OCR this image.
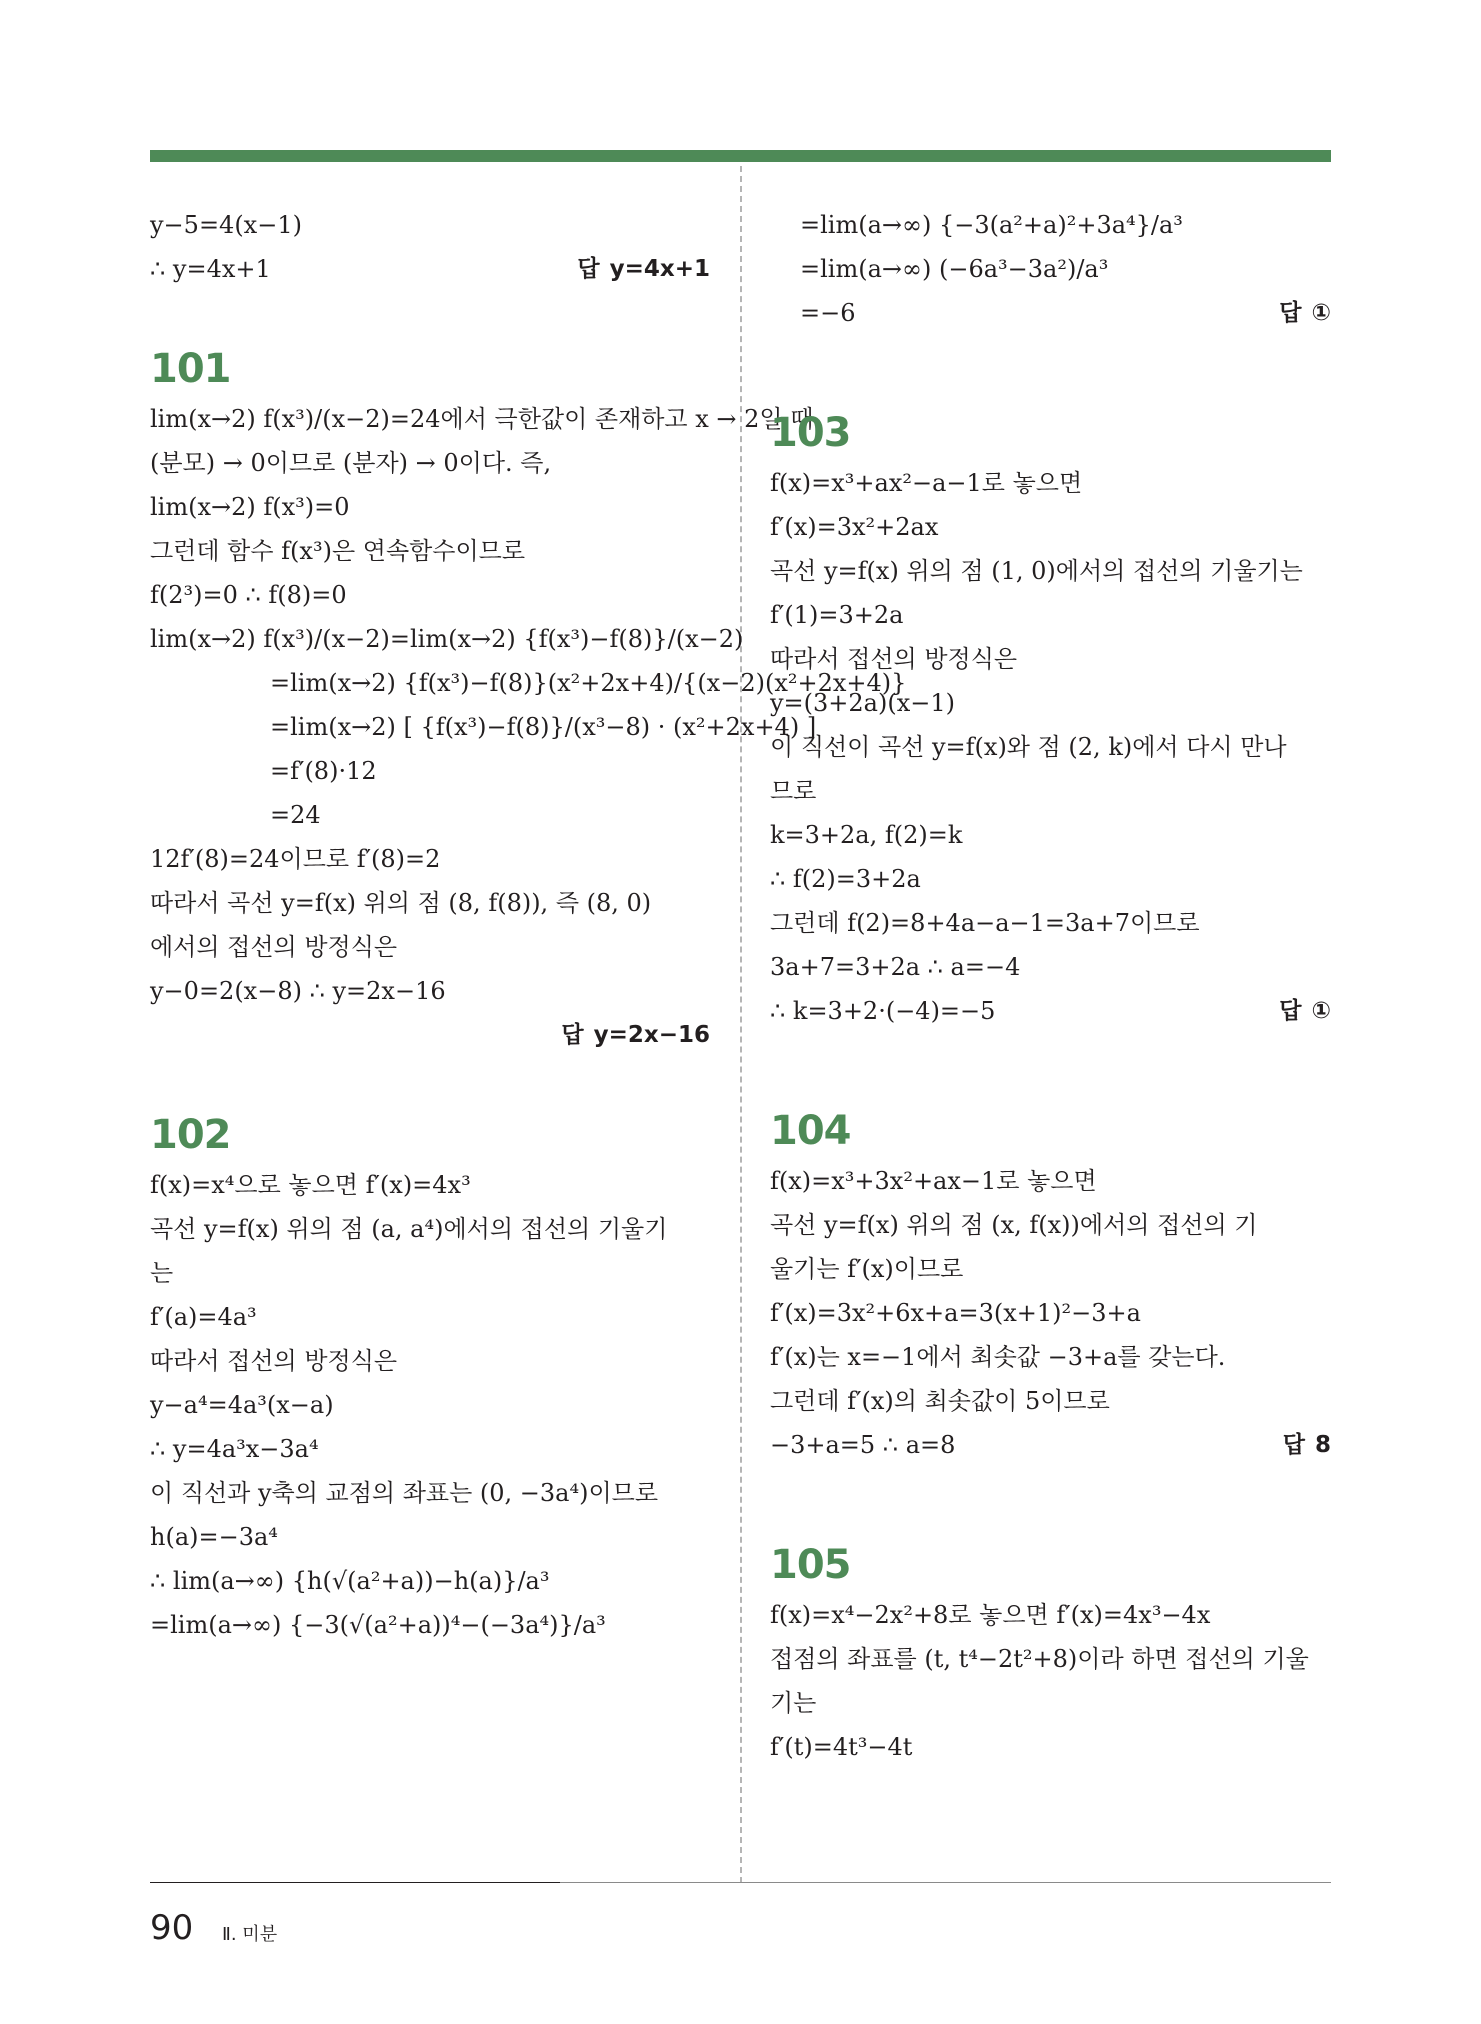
y−5=4(x−1)
∴ y=4x+1	답 y=4x+1
101
lim(x→2) f(x³)/(x−2)=24에서 극한값이 존재하고 x → 2일 때
(분모) → 0이므로 (분자) → 0이다. 즉,
lim(x→2) f(x³)=0
그런데 함수 f(x³)은 연속함수이므로
f(2³)=0 ∴ f(8)=0
lim(x→2) f(x³)/(x−2)=lim(x→2) {f(x³)−f(8)}/(x−2)
=lim(x→2) {f(x³)−f(8)}(x²+2x+4)/{(x−2)(x²+2x+4)}
=lim(x→2) [ {f(x³)−f(8)}/(x³−8) · (x²+2x+4) ]
=f′(8)·12
=24
12f′(8)=24이므로 f′(8)=2
따라서 곡선 y=f(x) 위의 점 (8, f(8)), 즉 (8, 0)
에서의 접선의 방정식은
y−0=2(x−8) ∴ y=2x−16
답 y=2x−16
102
f(x)=x⁴으로 놓으면 f′(x)=4x³
곡선 y=f(x) 위의 점 (a, a⁴)에서의 접선의 기울기
는
f′(a)=4a³
따라서 접선의 방정식은
y−a⁴=4a³(x−a)
∴ y=4a³x−3a⁴
이 직선과 y축의 교점의 좌표는 (0, −3a⁴)이므로
h(a)=−3a⁴
∴ lim(a→∞) {h(√(a²+a))−h(a)}/a³
=lim(a→∞) {−3(√(a²+a))⁴−(−3a⁴)}/a³
=lim(a→∞) {−3(a²+a)²+3a⁴}/a³
=lim(a→∞) (−6a³−3a²)/a³
=−6	답 ①
103
f(x)=x³+ax²−a−1로 놓으면
f′(x)=3x²+2ax
곡선 y=f(x) 위의 점 (1, 0)에서의 접선의 기울기는
f′(1)=3+2a
따라서 접선의 방정식은
y=(3+2a)(x−1)
이 직선이 곡선 y=f(x)와 점 (2, k)에서 다시 만나
므로
k=3+2a, f(2)=k
∴ f(2)=3+2a
그런데 f(2)=8+4a−a−1=3a+7이므로
3a+7=3+2a ∴ a=−4
∴ k=3+2·(−4)=−5	답 ①
104
f(x)=x³+3x²+ax−1로 놓으면
곡선 y=f(x) 위의 점 (x, f(x))에서의 접선의 기
울기는 f′(x)이므로
f′(x)=3x²+6x+a=3(x+1)²−3+a
f′(x)는 x=−1에서 최솟값 −3+a를 갖는다.
그런데 f′(x)의 최솟값이 5이므로
−3+a=5 ∴ a=8	답 8
105
f(x)=x⁴−2x²+8로 놓으면 f′(x)=4x³−4x
접점의 좌표를 (t, t⁴−2t²+8)이라 하면 접선의 기울
기는
f′(t)=4t³−4t
90 Ⅱ. 미분
